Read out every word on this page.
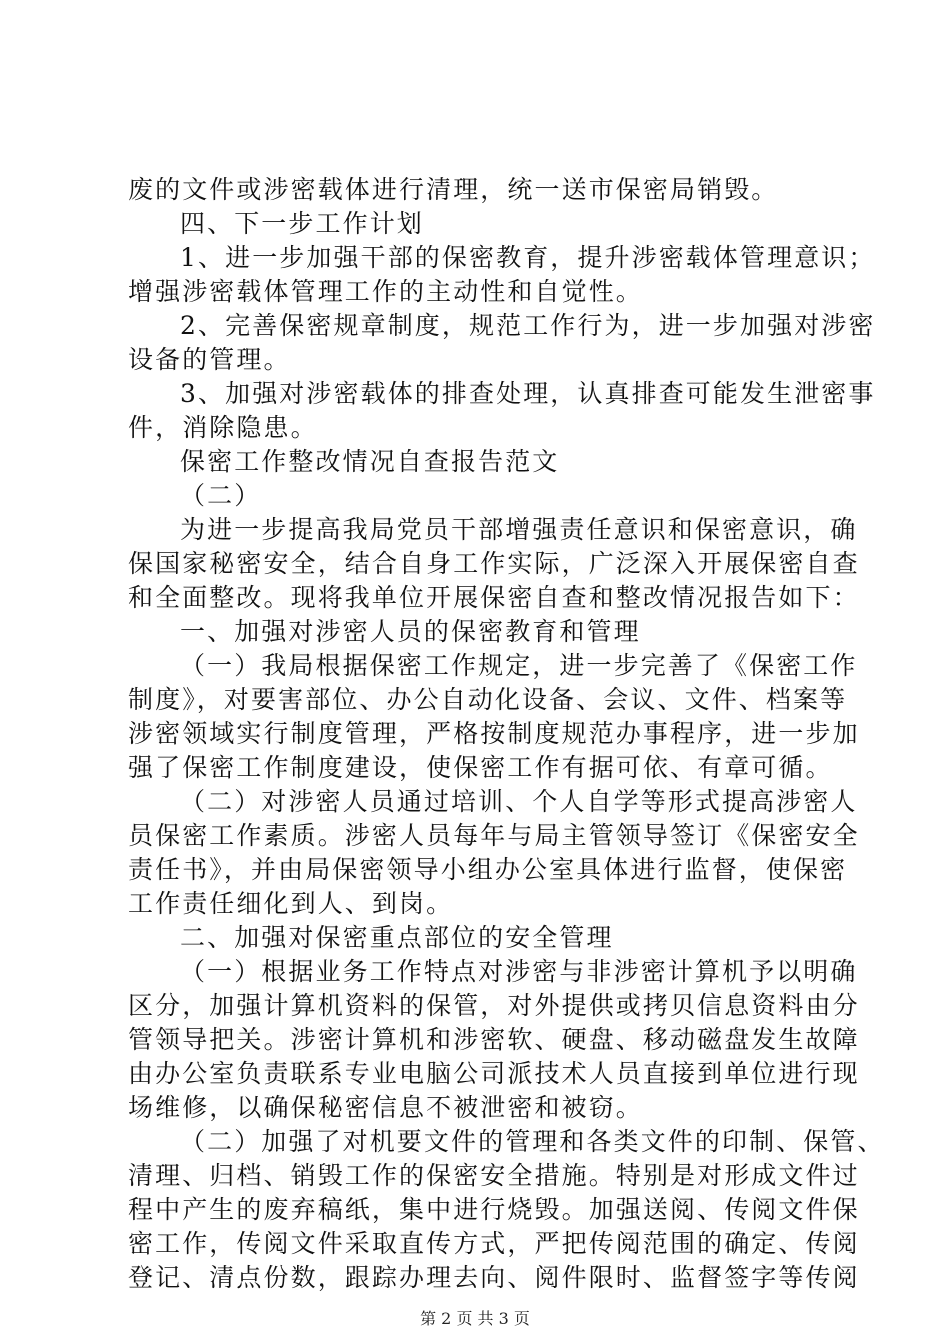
废的文件或涉密载体进行清理，统一送市保密局销毁。
四、下一步工作计划
1、进一步加强干部的保密教育，提升涉密载体管理意识；
增强涉密载体管理工作的主动性和自觉性。
2、完善保密规章制度，规范工作行为，进一步加强对涉密
设备的管理。
3、加强对涉密载体的排查处理，认真排查可能发生泄密事
件，消除隐患。
保密工作整改情况自查报告范文
（二）
为进一步提高我局党员干部增强责任意识和保密意识，确
保国家秘密安全，结合自身工作实际，广泛深入开展保密自查
和全面整改。现将我单位开展保密自查和整改情况报告如下：
一、加强对涉密人员的保密教育和管理
（一）我局根据保密工作规定，进一步完善了《保密工作
制度》，对要害部位、办公自动化设备、会议、文件、档案等
涉密领域实行制度管理，严格按制度规范办事程序，进一步加
强了保密工作制度建设，使保密工作有据可依、有章可循。
（二）对涉密人员通过培训、个人自学等形式提高涉密人
员保密工作素质。涉密人员每年与局主管领导签订《保密安全
责任书》，并由局保密领导小组办公室具体进行监督，使保密
工作责任细化到人、到岗。
二、加强对保密重点部位的安全管理
（一）根据业务工作特点对涉密与非涉密计算机予以明确
区分，加强计算机资料的保管，对外提供或拷贝信息资料由分
管领导把关。涉密计算机和涉密软、硬盘、移动磁盘发生故障
由办公室负责联系专业电脑公司派技术人员直接到单位进行现
场维修，以确保秘密信息不被泄密和被窃。
（二）加强了对机要文件的管理和各类文件的印制、保管、
清理、归档、销毁工作的保密安全措施。特别是对形成文件过
程中产生的废弃稿纸，集中进行烧毁。加强送阅、传阅文件保
密工作，传阅文件采取直传方式，严把传阅范围的确定、传阅
登记、清点份数，跟踪办理去向、阅件限时、监督签字等传阅
第 2 页 共 3 页
